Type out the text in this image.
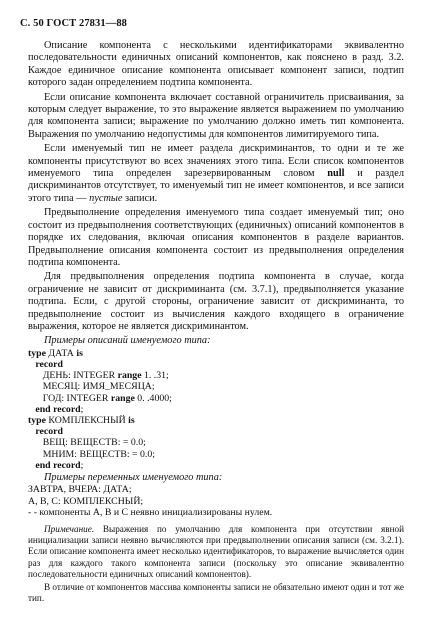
С. 50 ГОСТ 27831—88

Описание компонента с несколькими идентификаторами эквивалентно последовательности единичных описаний компонентов, как пояснено в разд. 3.2. Каждое единичное описание компонента описывает компонент записи, подтип которого задан определением подтипа компонента.

Если описание компонента включает составной ограничитель присваивания, за которым следует выражение, то это выражение является выражением по умолчанию для компонента записи; выражение по умолчанию должно иметь тип компонента. Выражения по умолчанию недопустимы для компонентов лимитируемого типа.

Если именуемый тип не имеет раздела дискриминантов, то одни и те же компоненты присутствуют во всех значениях этого типа. Если список компонентов именуемого типа определен зарезервированным словом null и раздел дискриминантов отсутствует, то именуемый тип не имеет компонентов, и все записи этого типа — пустые записи.

Предвыполнение определения именуемого типа создает именуемый тип; оно состоит из предвыполнения соответствующих (единичных) описаний компонентов в порядке их следования, включая описания компонентов в разделе вариантов. Предвыполнение описания компонента состоит из предвыполнения определения подтипа компонента.

Для предвыполнения определения подтипа компонента в случае, когда ограничение не зависит от дискриминанта (см. 3.7.1), предвыполняется указание подтипа. Если, с другой стороны, ограничение зависит от дискриминанта, то предвыполнение состоит из вычисления каждого входящего в ограничение выражения, которое не является дискриминантом.

Примеры описаний именуемого типа:

type ДАТА is
record
ДЕНЬ: INTEGER range 1. .31;
МЕСЯЦ: ИМЯ_МЕСЯЦА;
ГОД: INTEGER range 0. .4000;
end record;
type КОМПЛЕКСНЫЙ is
record
ВЕЩ: ВЕЩЕСТВ: = 0.0;
МНИМ: ВЕЩЕСТВ: = 0.0;
end record;

Примеры переменных именуемого типа:

ЗАВТРА, ВЧЕРА: ДАТА;
А, В, С: КОМПЛЕКСНЫЙ;
- - компоненты А, В и С неявно инициализированы нулем.

Примечание. Выражения по умолчанию для компонента при отсутствии явной инициализации записи неявно вычисляются при предвыполнении описания записи (см. 3.2.1). Если описание компонента имеет несколько идентификаторов, то выражение вычисляется один раз для каждого такого компонента записи (поскольку это описание эквивалентно последовательности единичных описаний компонентов).

В отличие от компонентов массива компоненты записи не обязательно имеют один и тот же тип.
